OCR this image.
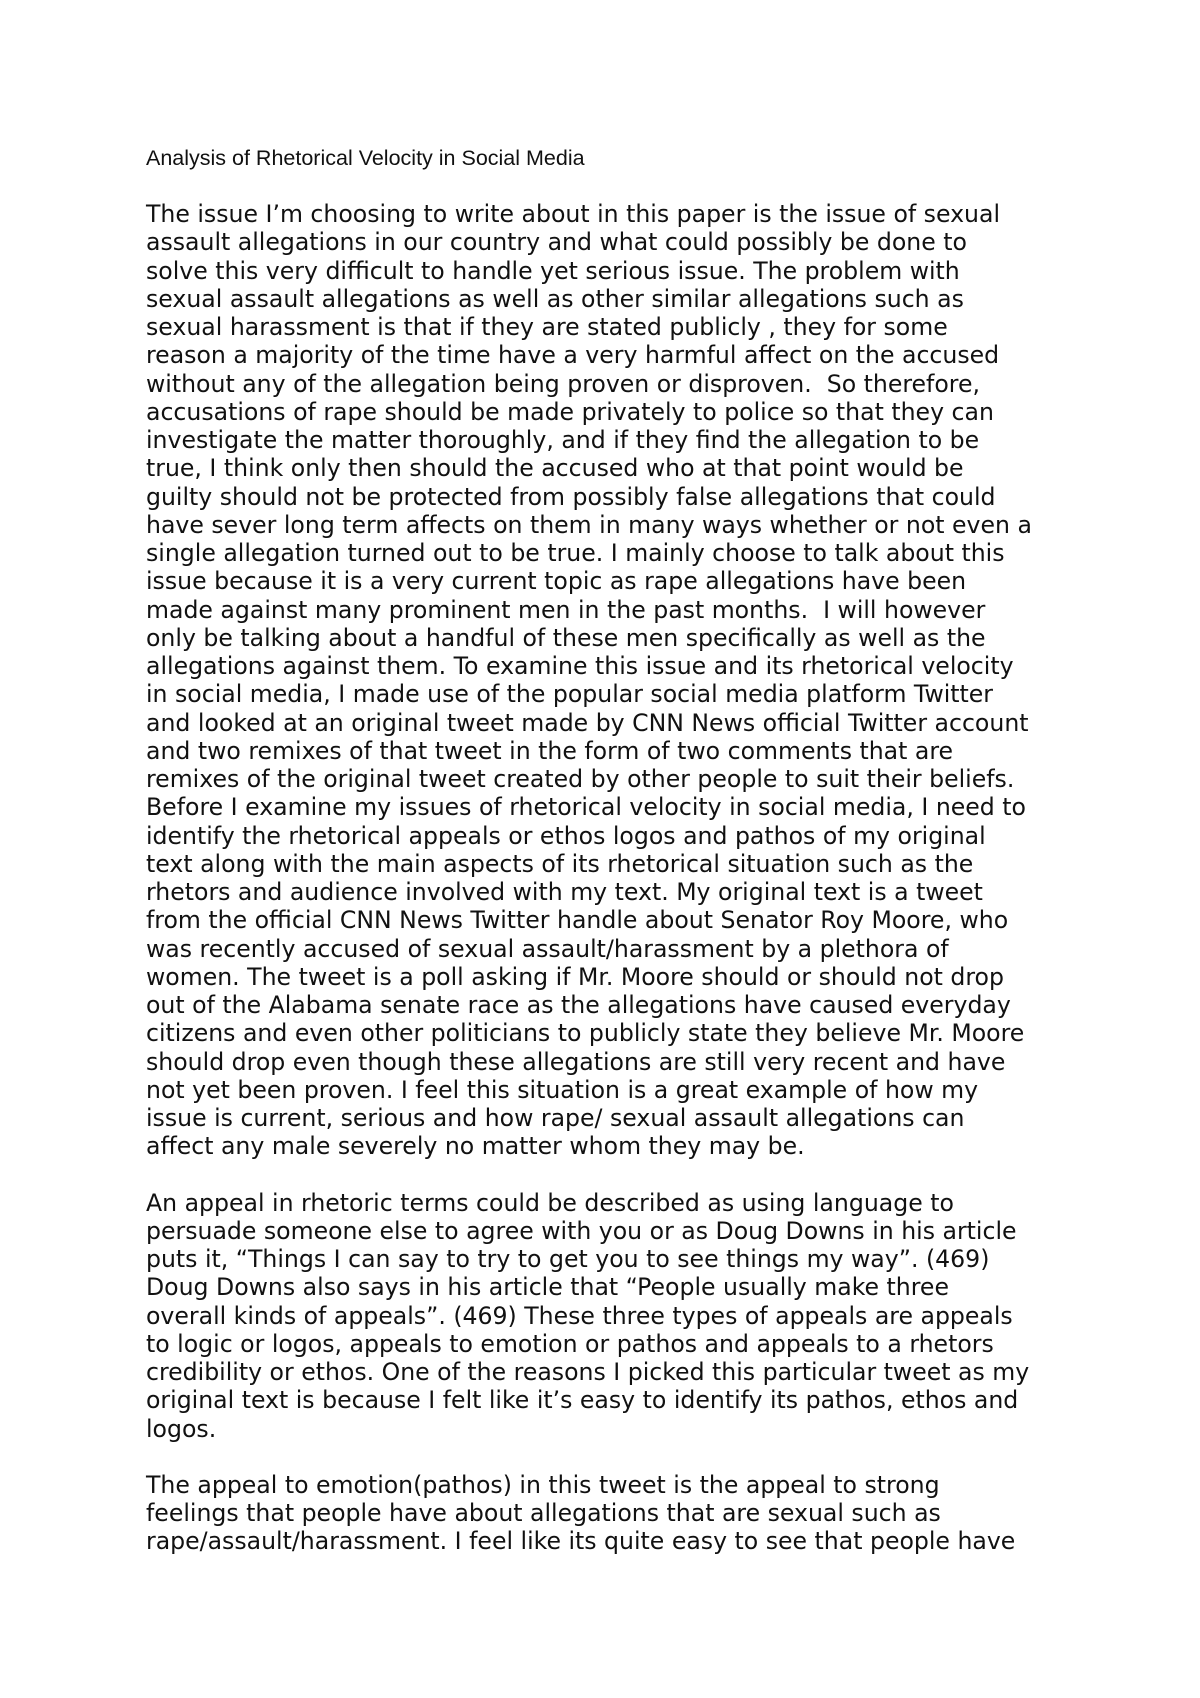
Analysis of Rhetorical Velocity in Social Media
The issue I’m choosing to write about in this paper is the issue of sexual
assault allegations in our country and what could possibly be done to
solve this very difficult to handle yet serious issue. The problem with
sexual assault allegations as well as other similar allegations such as
sexual harassment is that if they are stated publicly , they for some
reason a majority of the time have a very harmful affect on the accused
without any of the allegation being proven or disproven.  So therefore,
accusations of rape should be made privately to police so that they can
investigate the matter thoroughly, and if they find the allegation to be
true, I think only then should the accused who at that point would be
guilty should not be protected from possibly false allegations that could
have sever long term affects on them in many ways whether or not even a
single allegation turned out to be true. I mainly choose to talk about this
issue because it is a very current topic as rape allegations have been
made against many prominent men in the past months.  I will however
only be talking about a handful of these men specifically as well as the
allegations against them. To examine this issue and its rhetorical velocity
in social media, I made use of the popular social media platform Twitter
and looked at an original tweet made by CNN News official Twitter account
and two remixes of that tweet in the form of two comments that are
remixes of the original tweet created by other people to suit their beliefs.
Before I examine my issues of rhetorical velocity in social media, I need to
identify the rhetorical appeals or ethos logos and pathos of my original
text along with the main aspects of its rhetorical situation such as the
rhetors and audience involved with my text. My original text is a tweet
from the official CNN News Twitter handle about Senator Roy Moore, who
was recently accused of sexual assault/harassment by a plethora of
women. The tweet is a poll asking if Mr. Moore should or should not drop
out of the Alabama senate race as the allegations have caused everyday
citizens and even other politicians to publicly state they believe Mr. Moore
should drop even though these allegations are still very recent and have
not yet been proven. I feel this situation is a great example of how my
issue is current, serious and how rape/ sexual assault allegations can
affect any male severely no matter whom they may be.
An appeal in rhetoric terms could be described as using language to
persuade someone else to agree with you or as Doug Downs in his article
puts it, “Things I can say to try to get you to see things my way”. (469)
Doug Downs also says in his article that “People usually make three
overall kinds of appeals”. (469) These three types of appeals are appeals
to logic or logos, appeals to emotion or pathos and appeals to a rhetors
credibility or ethos. One of the reasons I picked this particular tweet as my
original text is because I felt like it’s easy to identify its pathos, ethos and
logos.
The appeal to emotion(pathos) in this tweet is the appeal to strong
feelings that people have about allegations that are sexual such as
rape/assault/harassment. I feel like its quite easy to see that people have
